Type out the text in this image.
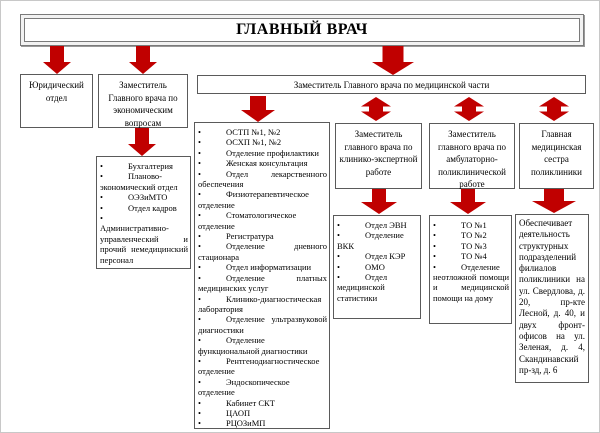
ГЛАВНЫЙ ВРАЧ
Юридический отдел
Заместитель Главного врача по экономическим вопросам
Заместитель Главного врача по медицинской части
•	Бухгалтерия
•	Планово-экономический отдел
•	ОЭЗиМТО
•	Отдел кадров
•Административно-управленческий и прочий немедицинский персонал
•	ОСТП №1, №2
•	ОСХП №1, №2
•	Отделение профилактики
•	Женская консультация
•	Отдел лекарственного обеспечения
•	Физиотерапевтическое отделение
•	Стоматологическое отделение
•	Регистратура
•	Отделение дневного стационара
•	Отдел информатизации
•	Отделение платных медицинских услуг
•	Клинико-диагностическая лаборатория
•	Отделение ультразвуковой диагностики
•	Отделение функциональной диагностики
•	Рентгенодиагностическое отделение
•	Эндоскопическое отделение
•	Кабинет СКТ
•	ЦАОП
•	РЦОЗиМП
Заместитель главного врача по клинико-экспертной работе
Заместитель главного врача по амбулаторно-поликлинической работе
Главная медицинская сестра поликлиники
•	Отдел ЭВН
•	Отделение ВКК
•	Отдел КЭР
•	ОМО
•	Отдел медицинской статистики
•	ТО №1
•	ТО №2
•	ТО №3
•	ТО №4
•	Отделение неотложной помощи и медицинской помощи на дому
Обеспечивает деятельность структурных подразделений филиалов поликлиники на ул. Свердлова, д. 20, пр-кте Лесной, д. 40, и двух фронт-офисов на ул. Зеленая, д. 4, Скандинавский пр-зд, д. 6
